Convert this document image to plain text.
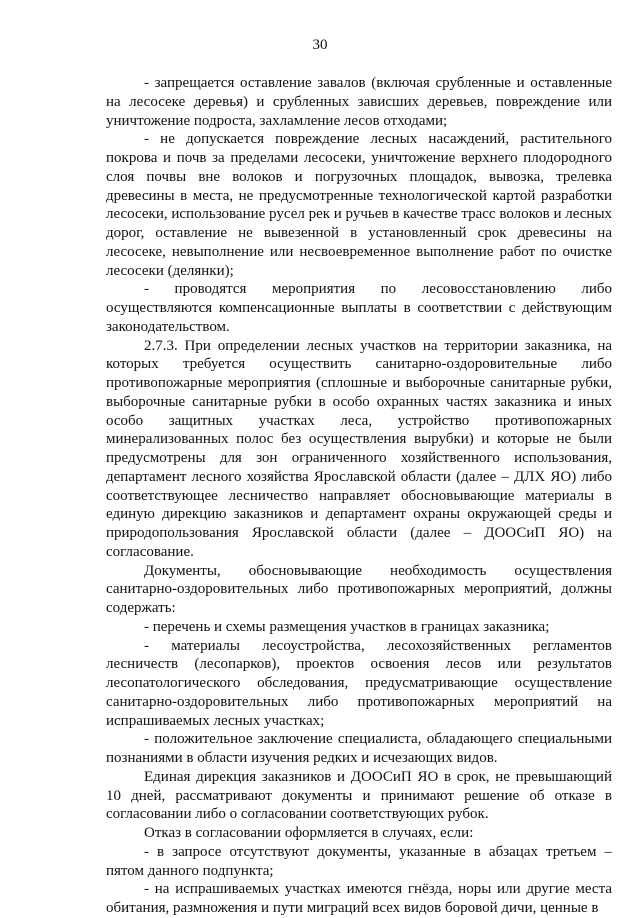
30

- запрещается оставление завалов (включая срубленные и оставленные на лесосеке деревья) и срубленных зависших деревьев, повреждение или уничтожение подроста, захламление лесов отходами;

- не допускается повреждение лесных насаждений, растительного покрова и почв за пределами лесосеки, уничтожение верхнего плодородного слоя почвы вне волоков и погрузочных площадок, вывозка, трелевка древесины в места, не предусмотренные технологической картой разработки лесосеки, использование русел рек и ручьев в качестве трасс волоков и лесных дорог, оставление не вывезенной в установленный срок древесины на лесосеке, невыполнение или несвоевременное выполнение работ по очистке лесосеки (делянки);

- проводятся мероприятия по лесовосстановлению либо осуществляются компенсационные выплаты в соответствии с действующим законодательством.

2.7.3. При определении лесных участков на территории заказника, на которых требуется осуществить санитарно-оздоровительные либо противопожарные мероприятия (сплошные и выборочные санитарные рубки, выборочные санитарные рубки в особо охранных частях заказника и иных особо защитных участках леса, устройство противопожарных минерализованных полос без осуществления вырубки) и которые не были предусмотрены для зон ограниченного хозяйственного использования, департамент лесного хозяйства Ярославской области (далее – ДЛХ ЯО) либо соответствующее лесничество направляет обосновывающие материалы в единую дирекцию заказников и департамент охраны окружающей среды и природопользования Ярославской области (далее – ДООСиП ЯО) на согласование.

Документы, обосновывающие необходимость осуществления санитарно-оздоровительных либо противопожарных мероприятий, должны содержать:

- перечень и схемы размещения участков в границах заказника;

- материалы лесоустройства, лесохозяйственных регламентов лесничеств (лесопарков), проектов освоения лесов или результатов лесопатологического обследования, предусматривающие осуществление санитарно-оздоровительных либо противопожарных мероприятий на испрашиваемых лесных участках;

- положительное заключение специалиста, обладающего специальными познаниями в области изучения редких и исчезающих видов.

Единая дирекция заказников и ДООСиП ЯО в срок, не превышающий 10 дней, рассматривают документы и принимают решение об отказе в согласовании либо о согласовании соответствующих рубок.

Отказ в согласовании оформляется в случаях, если:

- в запросе отсутствуют документы, указанные в абзацах третьем – пятом данного подпункта;

- на испрашиваемых участках имеются гнёзда, норы или другие места обитания, размножения и пути миграций всех видов боровой дичи, ценные в
